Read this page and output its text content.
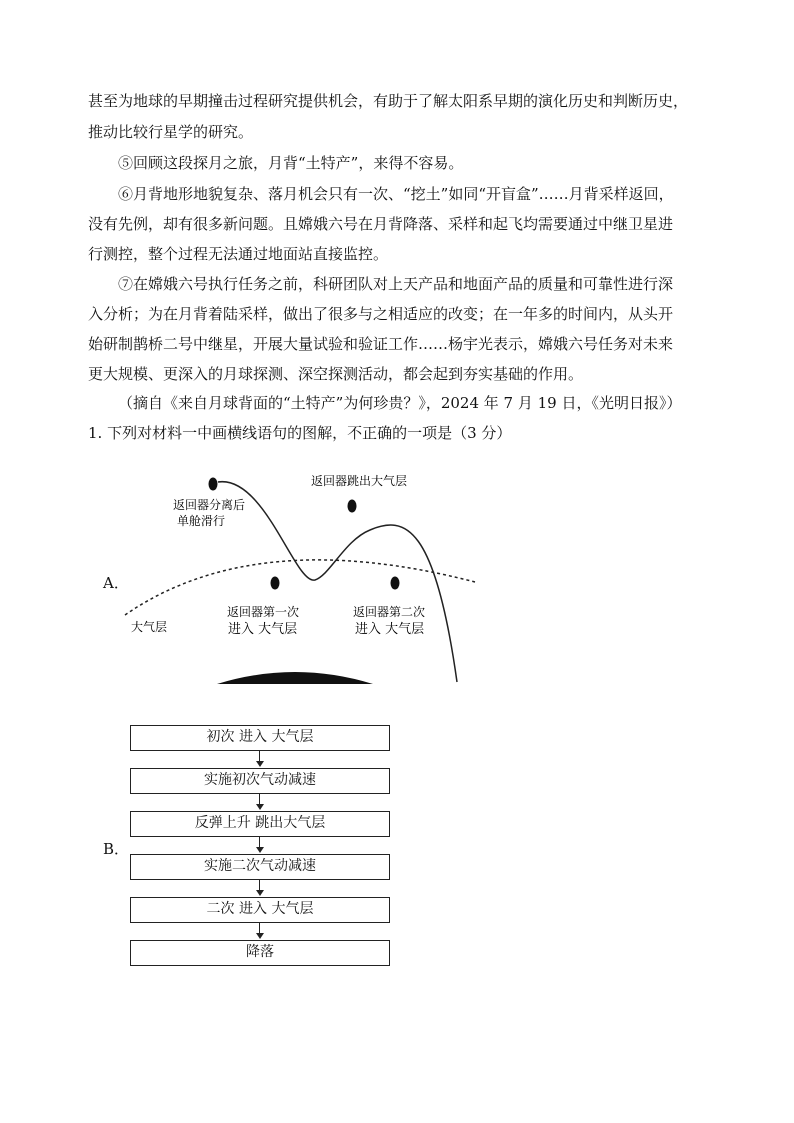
甚至为地球的早期撞击过程研究提供机会，有助于了解太阳系早期的演化历史和判断历史，
推动比较行星学的研究。
⑤回顾这段探月之旅，月背“土特产”，来得不容易。
⑥月背地形地貌复杂、落月机会只有一次、“挖土”如同“开盲盒”……月背采样返回，
没有先例，却有很多新问题。且嫦娥六号在月背降落、采样和起飞均需要通过中继卫星进
行测控，整个过程无法通过地面站直接监控。
⑦在嫦娥六号执行任务之前，科研团队对上天产品和地面产品的质量和可靠性进行深
入分析；为在月背着陆采样，做出了很多与之相适应的改变；在一年多的时间内，从头开
始研制鹊桥二号中继星，开展大量试验和验证工作……杨宇光表示，嫦娥六号任务对未来
更大规模、更深入的月球探测、深空探测活动，都会起到夯实基础的作用。
（摘自《来自月球背面的“土特产”为何珍贵？》，2024 年 7 月 19 日，《光明日报》）
1. 下列对材料一中画横线语句的图解，不正确的一项是（3 分）
A．
返回器分离后
单舱滑行
返回器跳出大气层
返回器第一次
进入 大气层
返回器第二次
进入 大气层
大气层
B．
初次 进入 大气层
实施初次气动减速
反弹上升 跳出大气层
实施二次气动减速
二次 进入 大气层
降落
